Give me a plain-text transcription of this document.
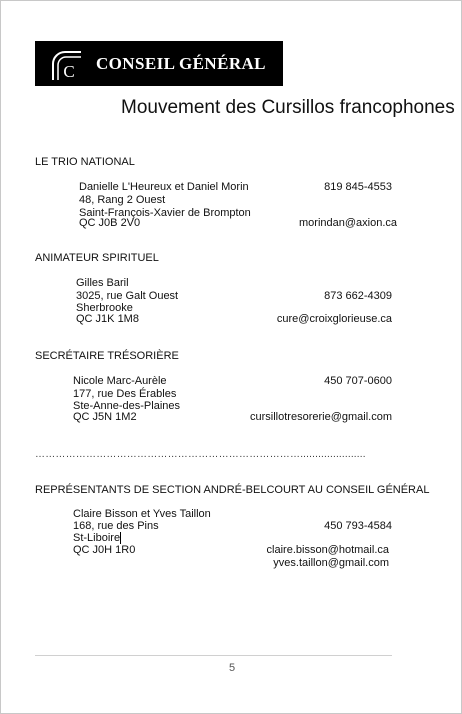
C CONSEIL GÉNÉRAL
Mouvement des Cursillos francophones
LE TRIO NATIONAL
Danielle L'Heureux et Daniel Morin	819 845-4553
48, Rang 2 Ouest
Saint-François-Xavier de Brompton
QC J0B 2V0	morindan@axion.ca
ANIMATEUR SPIRITUEL
Gilles Baril
3025, rue Galt Ouest	873 662-4309
Sherbrooke
QC J1K 1M8	cure@croixglorieuse.ca
SECRÉTAIRE TRÉSORIÈRE
Nicole Marc-Aurèle	450 707-0600
177, rue Des Érables
Ste-Anne-des-Plaines
QC J5N 1M2	cursillotresorerie@gmail.com
……………………………………………………………………......................
REPRÉSENTANTS DE SECTION ANDRÉ-BELCOURT AU CONSEIL GÉNÉRAL
Claire Bisson et Yves Taillon
168, rue des Pins	450 793-4584
St-Liboire
QC J0H 1R0	claire.bisson@hotmail.ca
yves.taillon@gmail.com
5
